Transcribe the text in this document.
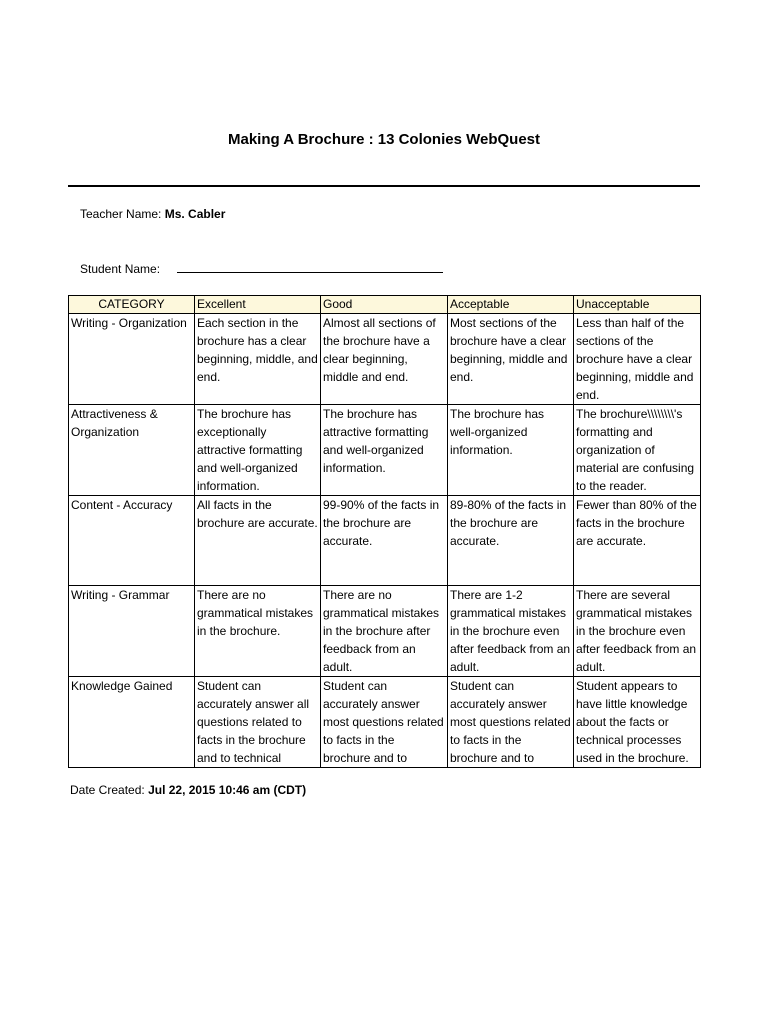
Making A Brochure : 13 Colonies WebQuest
Teacher Name: Ms. Cabler
Student Name:
CATEGORY	Excellent	Good	Acceptable	Unacceptable
Writing - Organization	Each section in the brochure has a clear beginning, middle, and end.	Almost all sections of the brochure have a clear beginning, middle and end.	Most sections of the brochure have a clear beginning, middle and end.	Less than half of the sections of the brochure have a clear beginning, middle and end.
Attractiveness & Organization	The brochure has exceptionally attractive formatting and well-organized information.	The brochure has attractive formatting and well-organized information.	The brochure has well-organized information.	The brochure\\\\\\\\'s formatting and organization of material are confusing to the reader.
Content - Accuracy	All facts in the brochure are accurate.	99-90% of the facts in the brochure are accurate.	89-80% of the facts in the brochure are accurate.	Fewer than 80% of the facts in the brochure are accurate.
Writing - Grammar	There are no grammatical mistakes in the brochure.	There are no grammatical mistakes in the brochure after feedback from an adult.	There are 1-2 grammatical mistakes in the brochure even after feedback from an adult.	There are several grammatical mistakes in the brochure even after feedback from an adult.
Knowledge Gained	Student can accurately answer all questions related to facts in the brochure and to technical	Student can accurately answer most questions related to facts in the brochure and to	Student can accurately answer most questions related to facts in the brochure and to	Student appears to have little knowledge about the facts or technical processes used in the brochure.
Date Created: Jul 22, 2015 10:46 am (CDT)
